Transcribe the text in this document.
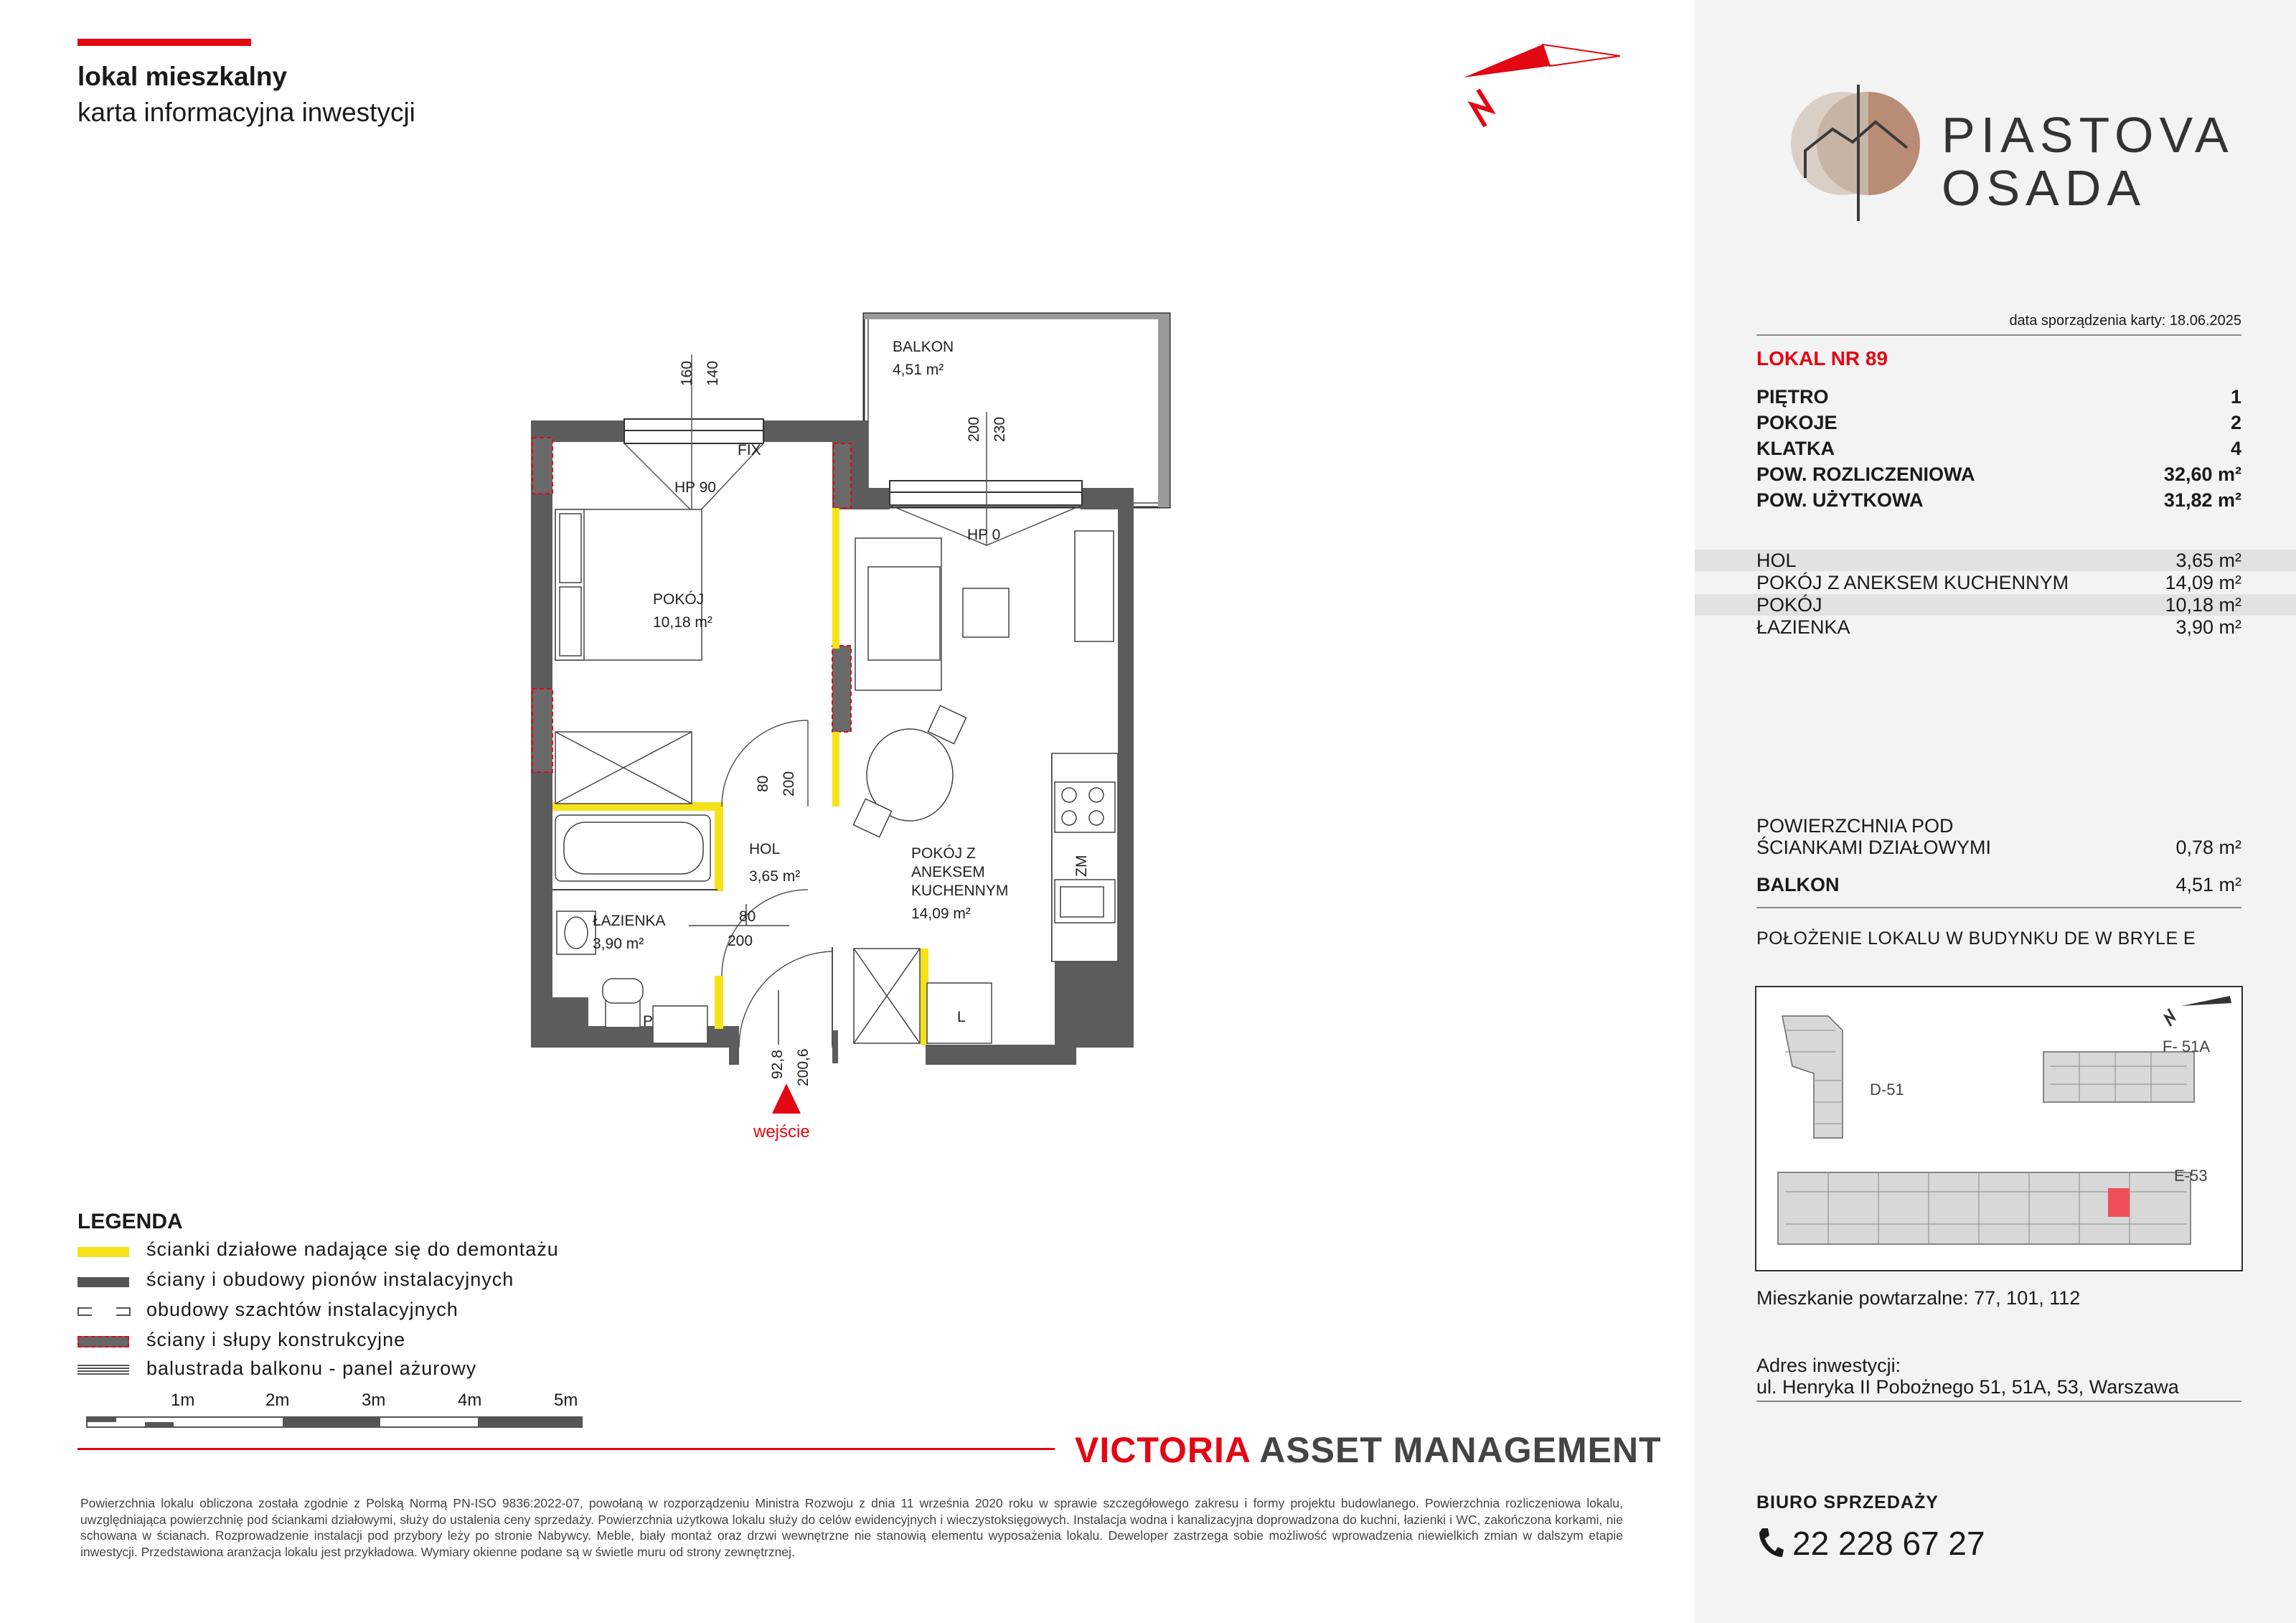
lokal mieszkalny
karta informacyjna inwestycji
BALKON
4,51 m²
POKÓJ
10,18 m²
HOL
3,65 m²
ŁAZIENKA
3,90 m²
POKÓJ Z
ANEKSEM
KUCHENNYM
14,09 m²
HP 90
FIX
HP 0
80
200
P	L
wejście
160 140
200 230
80 200
92,8 200,6
ZM
LEGENDA
ścianki działowe nadające się do demontażu
ściany i obudowy pionów instalacyjnych
obudowy szachtów instalacyjnych
ściany i słupy konstrukcyjne
balustrada balkonu - panel ażurowy
1m	2m	3m	4m	5m
VICTORIA ASSET MANAGEMENT
Powierzchnia lokalu obliczona została zgodnie z Polską Normą PN-ISO 9836:2022-07, powołaną w rozporządzeniu Ministra Rozwoju z dnia 11 września 2020 roku w sprawie szczegółowego zakresu i formy projektu budowlanego. Powierzchnia rozliczeniowa lokalu, uwzględniająca powierzchnię pod ściankami działowymi, służy do ustalenia ceny sprzedaży. Powierzchnia użytkowa lokalu służy do celów ewidencyjnych i wieczystoksięgowych. Instalacja wodna i kanalizacyjna doprowadzona do kuchni, łazienki i WC, zakończona korkami, nie schowana w ścianach. Rozprowadzenie instalacji pod przybory leży po stronie Nabywcy. Meble, biały montaż oraz drzwi wewnętrzne nie stanowią elementu wyposażenia lokalu. Deweloper zastrzega sobie możliwość wprowadzenia niewielkich zmian w dalszym etapie inwestycji. Przedstawiona aranżacja lokalu jest przykładowa. Wymiary okienne podane są w świetle muru od strony zewnętrznej.
PIASTOVA
OSADA
data sporządzenia karty: 18.06.2025
LOKAL NR 89
PIĘTRO	1
POKOJE	2
KLATKA	4
POW. ROZLICZENIOWA	32,60 m²
POW. UŻYTKOWA	31,82 m²
HOL	3,65 m²
POKÓJ Z ANEKSEM KUCHENNYM	14,09 m²
POKÓJ	10,18 m²
ŁAZIENKA	3,90 m²
POWIERZCHNIA POD
ŚCIANKAMI DZIAŁOWYMI	0,78 m²
BALKON	4,51 m²
POŁOŻENIE LOKALU W BUDYNKU DE W BRYLE E
D-51
F- 51A
E-53
Mieszkanie powtarzalne: 77, 101, 112
Adres inwestycji:
ul. Henryka II Pobożnego 51, 51A, 53, Warszawa
BIURO SPRZEDAŻY
22 228 67 27
